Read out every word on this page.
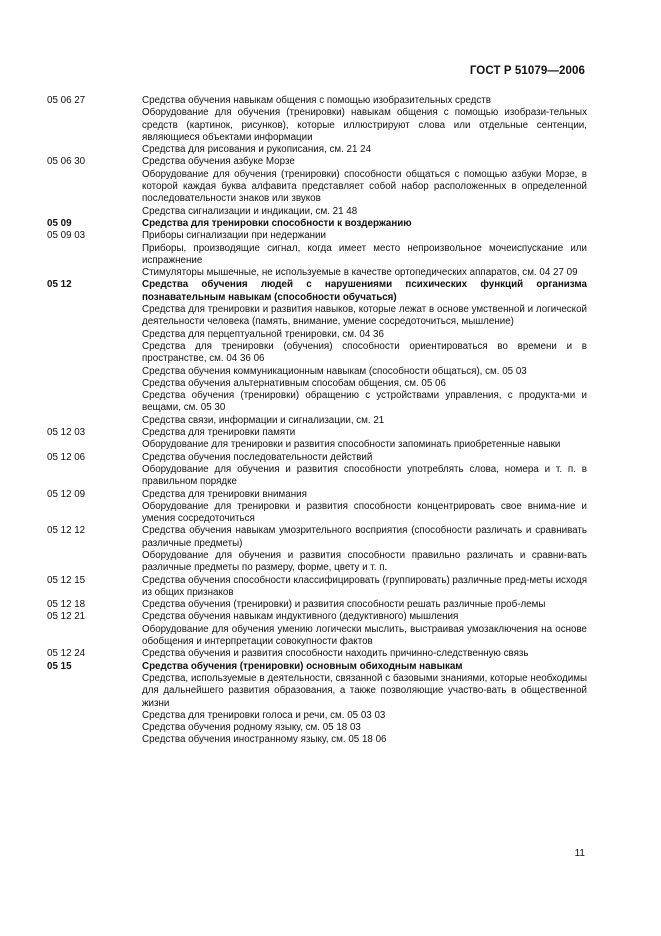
ГОСТ Р 51079—2006
05 06 27	Средства обучения навыкам общения с помощью изобразительных средств
Оборудование для обучения (тренировки) навыкам общения с помощью изобрази-тельных средств (картинок, рисунков), которые иллюстрируют слова или отдельные сентенции, являющиеся объектами информации
Средства для рисования и рукописания, см. 21 24
05 06 30	Средства обучения азбуке Морзе
Оборудование для обучения (тренировки) способности общаться с помощью азбуки Морзе, в которой каждая буква алфавита представляет собой набор расположенных в определенной последовательности знаков или звуков
Средства сигнализации и индикации, см. 21 48
05 09	Средства для тренировки способности к воздержанию
05 09 03	Приборы сигнализации при недержании
Приборы, производящие сигнал, когда имеет место непроизвольное мочеиспускание или испражнение
Стимуляторы мышечные, не используемые в качестве ортопедических аппаратов, см. 04 27 09
05 12	Средства обучения людей с нарушениями психических функций организма познавательным навыкам (способности обучаться)
Средства для тренировки и развития навыков, которые лежат в основе умственной и логической деятельности человека (память, внимание, умение сосредоточиться, мышление)
Средства для перцептуальной тренировки, см. 04 36
Средства для тренировки (обучения) способности ориентироваться во времени и в пространстве, см. 04 36 06
Средства обучения коммуникационным навыкам (способности общаться), см. 05 03
Средства обучения альтернативным способам общения, см. 05 06
Средства обучения (тренировки) обращению с устройствами управления, с продукта-ми и вещами, см. 05 30
Средства связи, информации и сигнализации, см. 21
05 12 03	Средства для тренировки памяти
Оборудование для тренировки и развития способности запоминать приобретенные навыки
05 12 06	Средства обучения последовательности действий
Оборудование для обучения и развития способности употреблять слова, номера и т. п. в правильном порядке
05 12 09	Средства для тренировки внимания
Оборудование для тренировки и развития способности концентрировать свое внима-ние и умения сосредоточиться
05 12 12	Средства обучения навыкам умозрительного восприятия (способности различать и сравнивать различные предметы)
Оборудование для обучения и развития способности правильно различать и сравни-вать различные предметы по размеру, форме, цвету и т. п.
05 12 15	Средства обучения способности классифицировать (группировать) различные пред-меты исходя из общих признаков
05 12 18	Средства обучения (тренировки) и развития способности решать различные проб-лемы
05 12 21	Средства обучения навыкам индуктивного (дедуктивного) мышления
Оборудование для обучения умению логически мыслить, выстраивая умозаключения на основе обобщения и интерпретации совокупности фактов
05 12 24	Средства обучения и развития способности находить причинно-следственную связь
05 15	Средства обучения (тренировки) основным обиходным навыкам
Средства, используемые в деятельности, связанной с базовыми знаниями, которые необходимы для дальнейшего развития образования, а также позволяющие участво-вать в общественной жизни
Средства для тренировки голоса и речи, см. 05 03 03
Средства обучения родному языку, см. 05 18 03
Средства обучения иностранному языку, см. 05 18 06
11
